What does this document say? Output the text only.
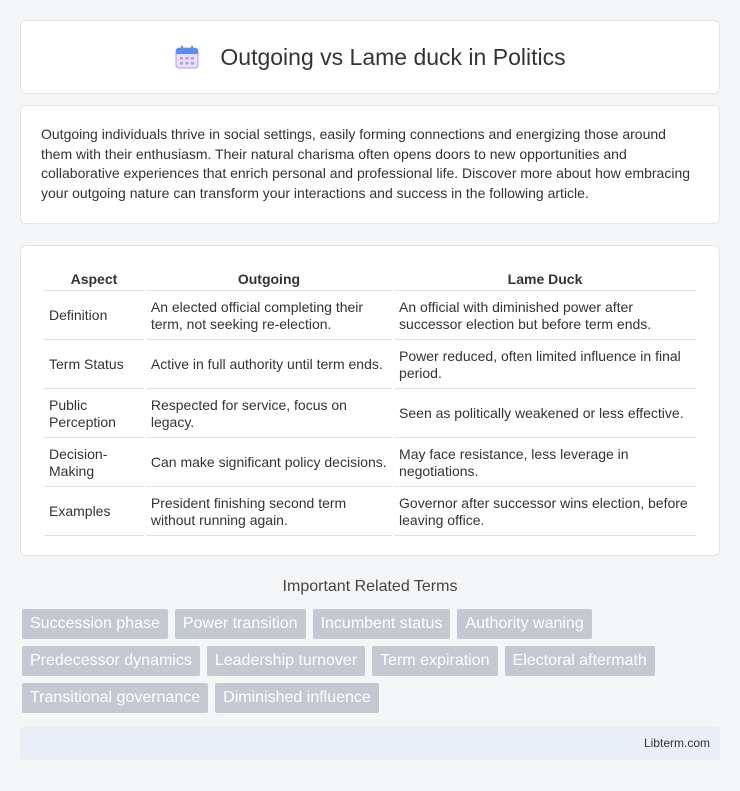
Outgoing vs Lame duck in Politics

Outgoing individuals thrive in social settings, easily forming connections and energizing those around them with their enthusiasm. Their natural charisma often opens doors to new opportunities and collaborative experiences that enrich personal and professional life. Discover more about how embracing your outgoing nature can transform your interactions and success in the following article.

Aspect	Outgoing	Lame Duck
Definition	An elected official completing their term, not seeking re-election.	An official with diminished power after successor election but before term ends.
Term Status	Active in full authority until term ends.	Power reduced, often limited influence in final period.
Public Perception	Respected for service, focus on legacy.	Seen as politically weakened or less effective.
Decision-Making	Can make significant policy decisions.	May face resistance, less leverage in negotiations.
Examples	President finishing second term without running again.	Governor after successor wins election, before leaving office.
Important Related Terms
Succession phase	Power transition	Incumbent status	Authority waning
Predecessor dynamics	Leadership turnover	Term expiration	Electoral aftermath
Transitional governance	Diminished influence
Libterm.com
